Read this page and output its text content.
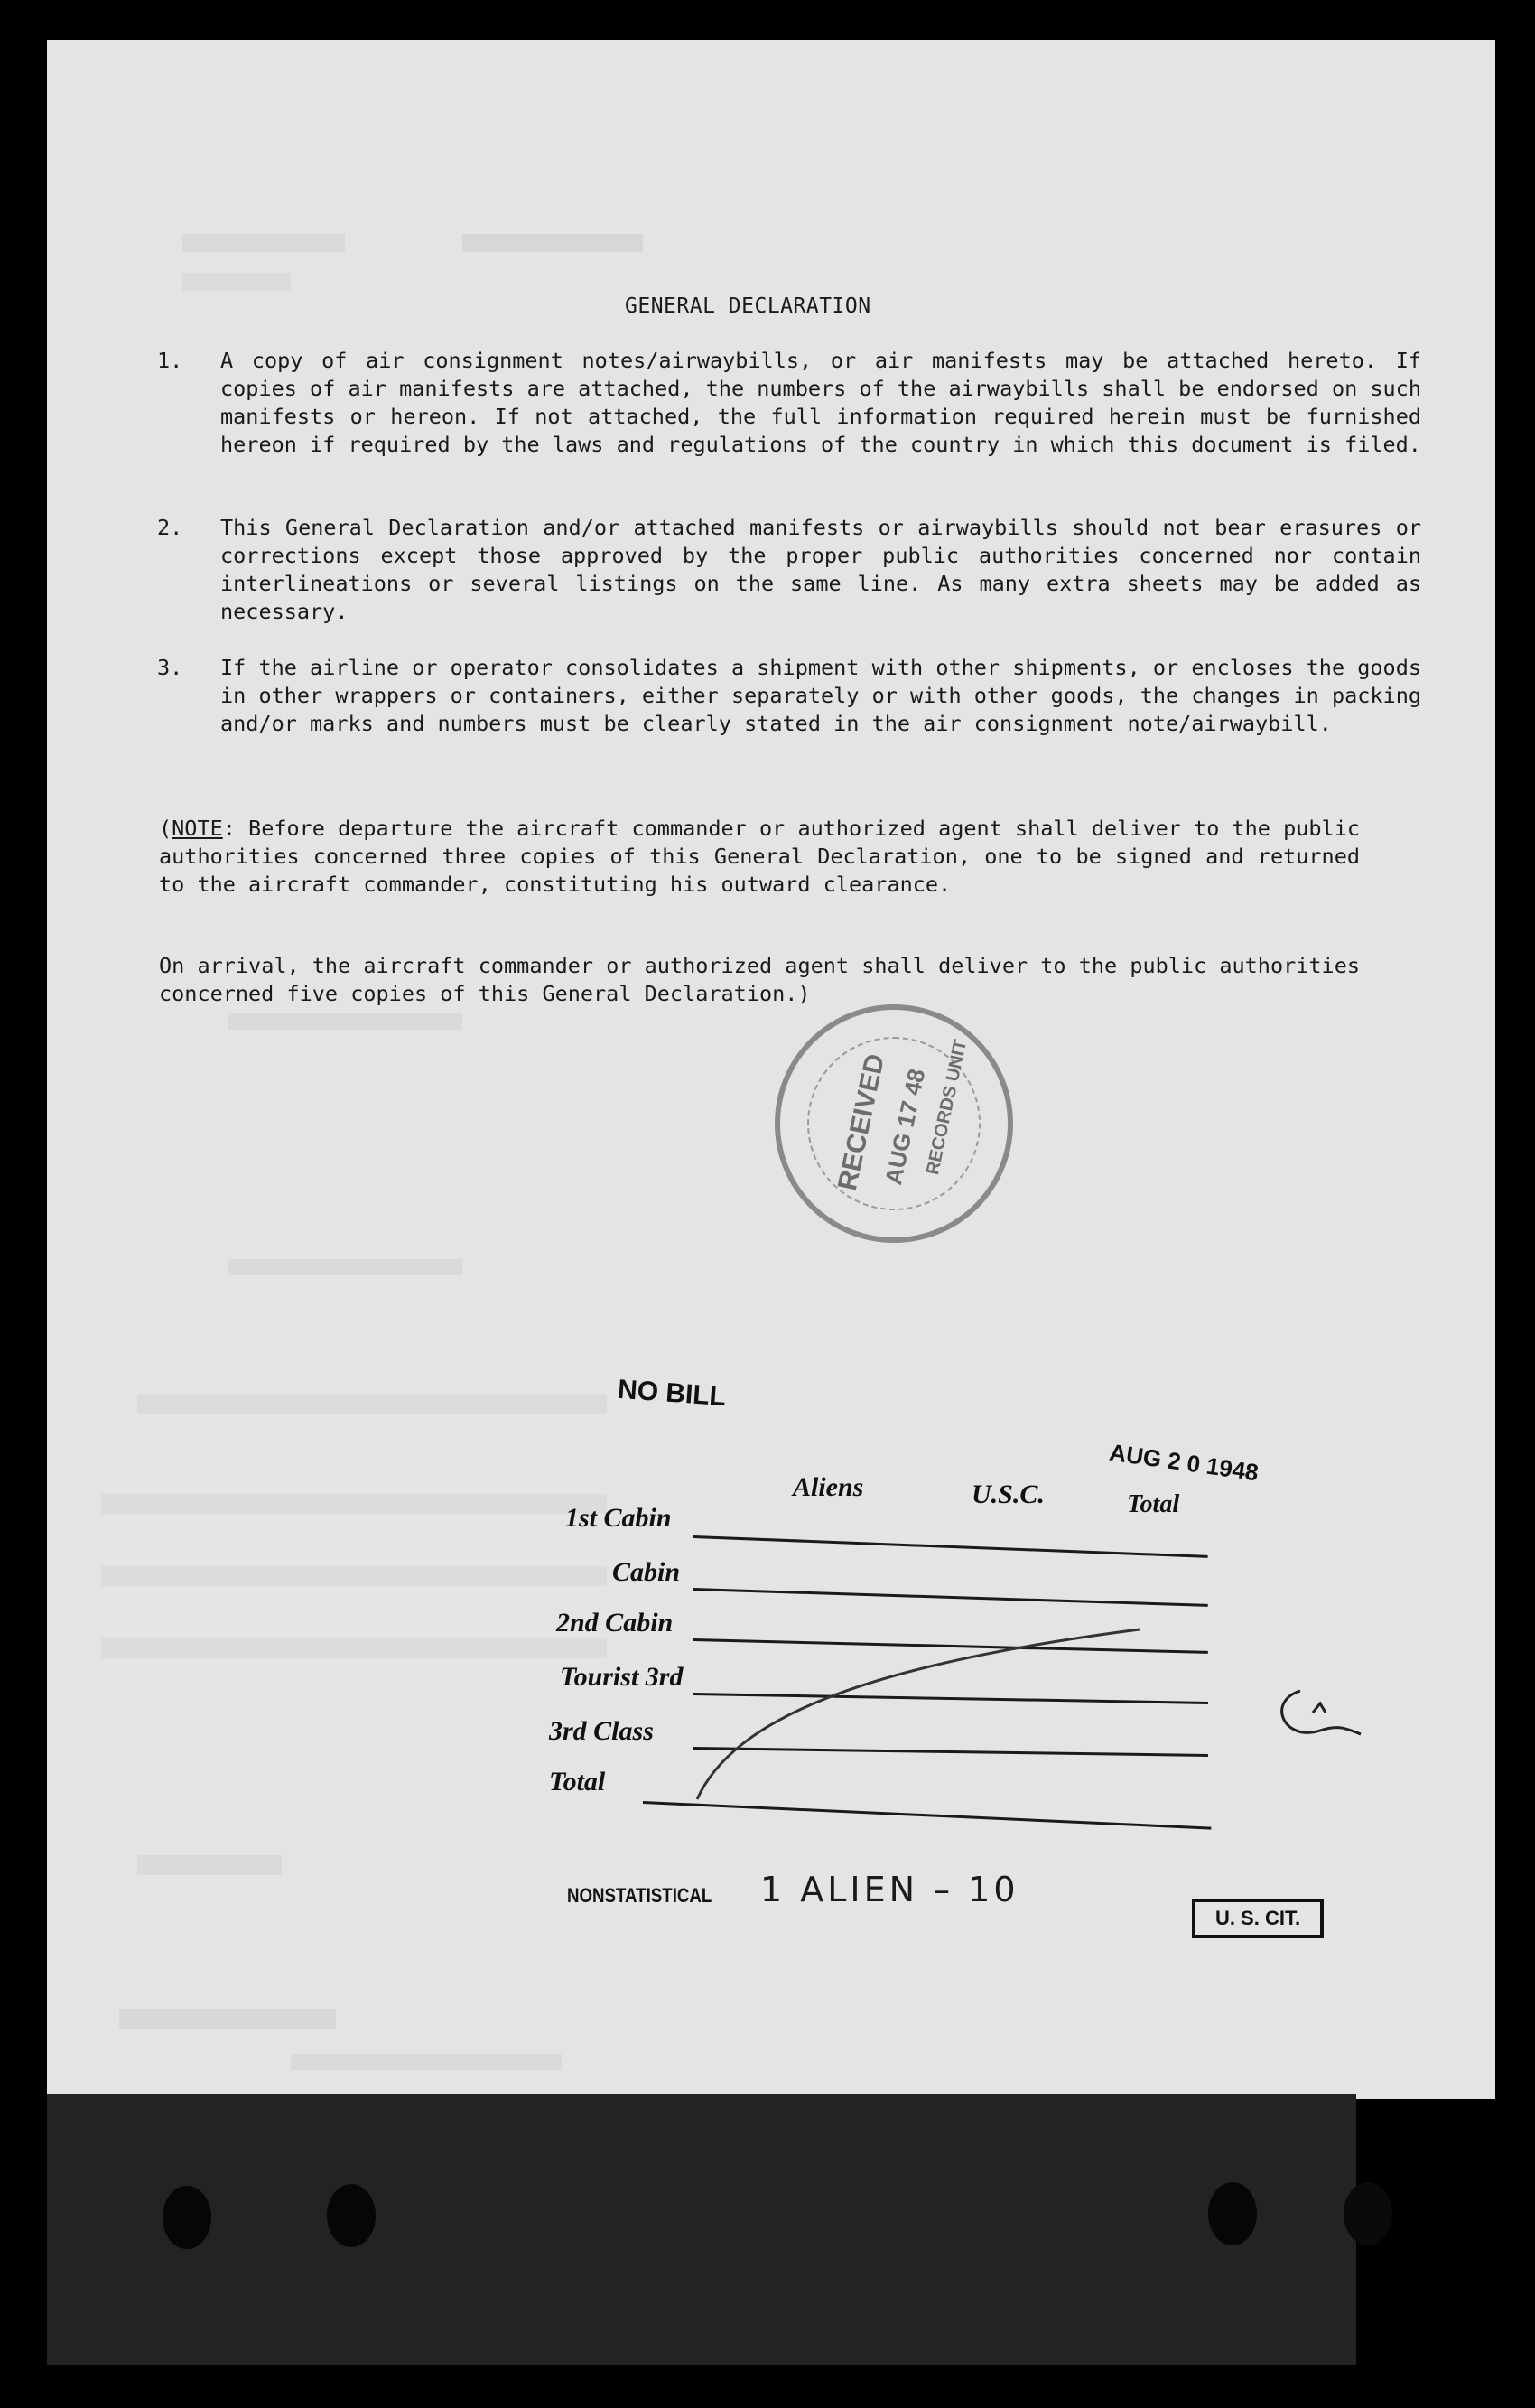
GENERAL DECLARATION
1. A copy of air consignment notes/airwaybills, or air manifests may be attached hereto. If copies of air manifests are attached, the numbers of the airwaybills shall be endorsed on such manifests or hereon. If not attached, the full information required herein must be furnished hereon if required by the laws and regulations of the country in which this document is filed.
2. This General Declaration and/or attached manifests or airwaybills should not bear erasures or corrections except those approved by the proper public authorities concerned nor contain interlineations or several listings on the same line. As many extra sheets may be added as necessary.
3. If the airline or operator consolidates a shipment with other shipments, or encloses the goods in other wrappers or containers, either separately or with other goods, the changes in packing and/or marks and numbers must be clearly stated in the air consignment note/airwaybill.
(NOTE: Before departure the aircraft commander or authorized agent shall deliver to the public authorities concerned three copies of this General Declaration, one to be signed and returned to the aircraft commander, constituting his outward clearance.
On arrival, the aircraft commander or authorized agent shall deliver to the public authorities concerned five copies of this General Declaration.)
RECEIVED
AUG 17 48
RECORDS UNIT
NO BILL
AUG 2 0 1948
Aliens	U.S.C.	Total
1st Cabin
Cabin
2nd Cabin
Tourist 3rd
3rd Class
Total
NONSTATISTICAL 1 ALIEN – 10
U. S. CIT.
